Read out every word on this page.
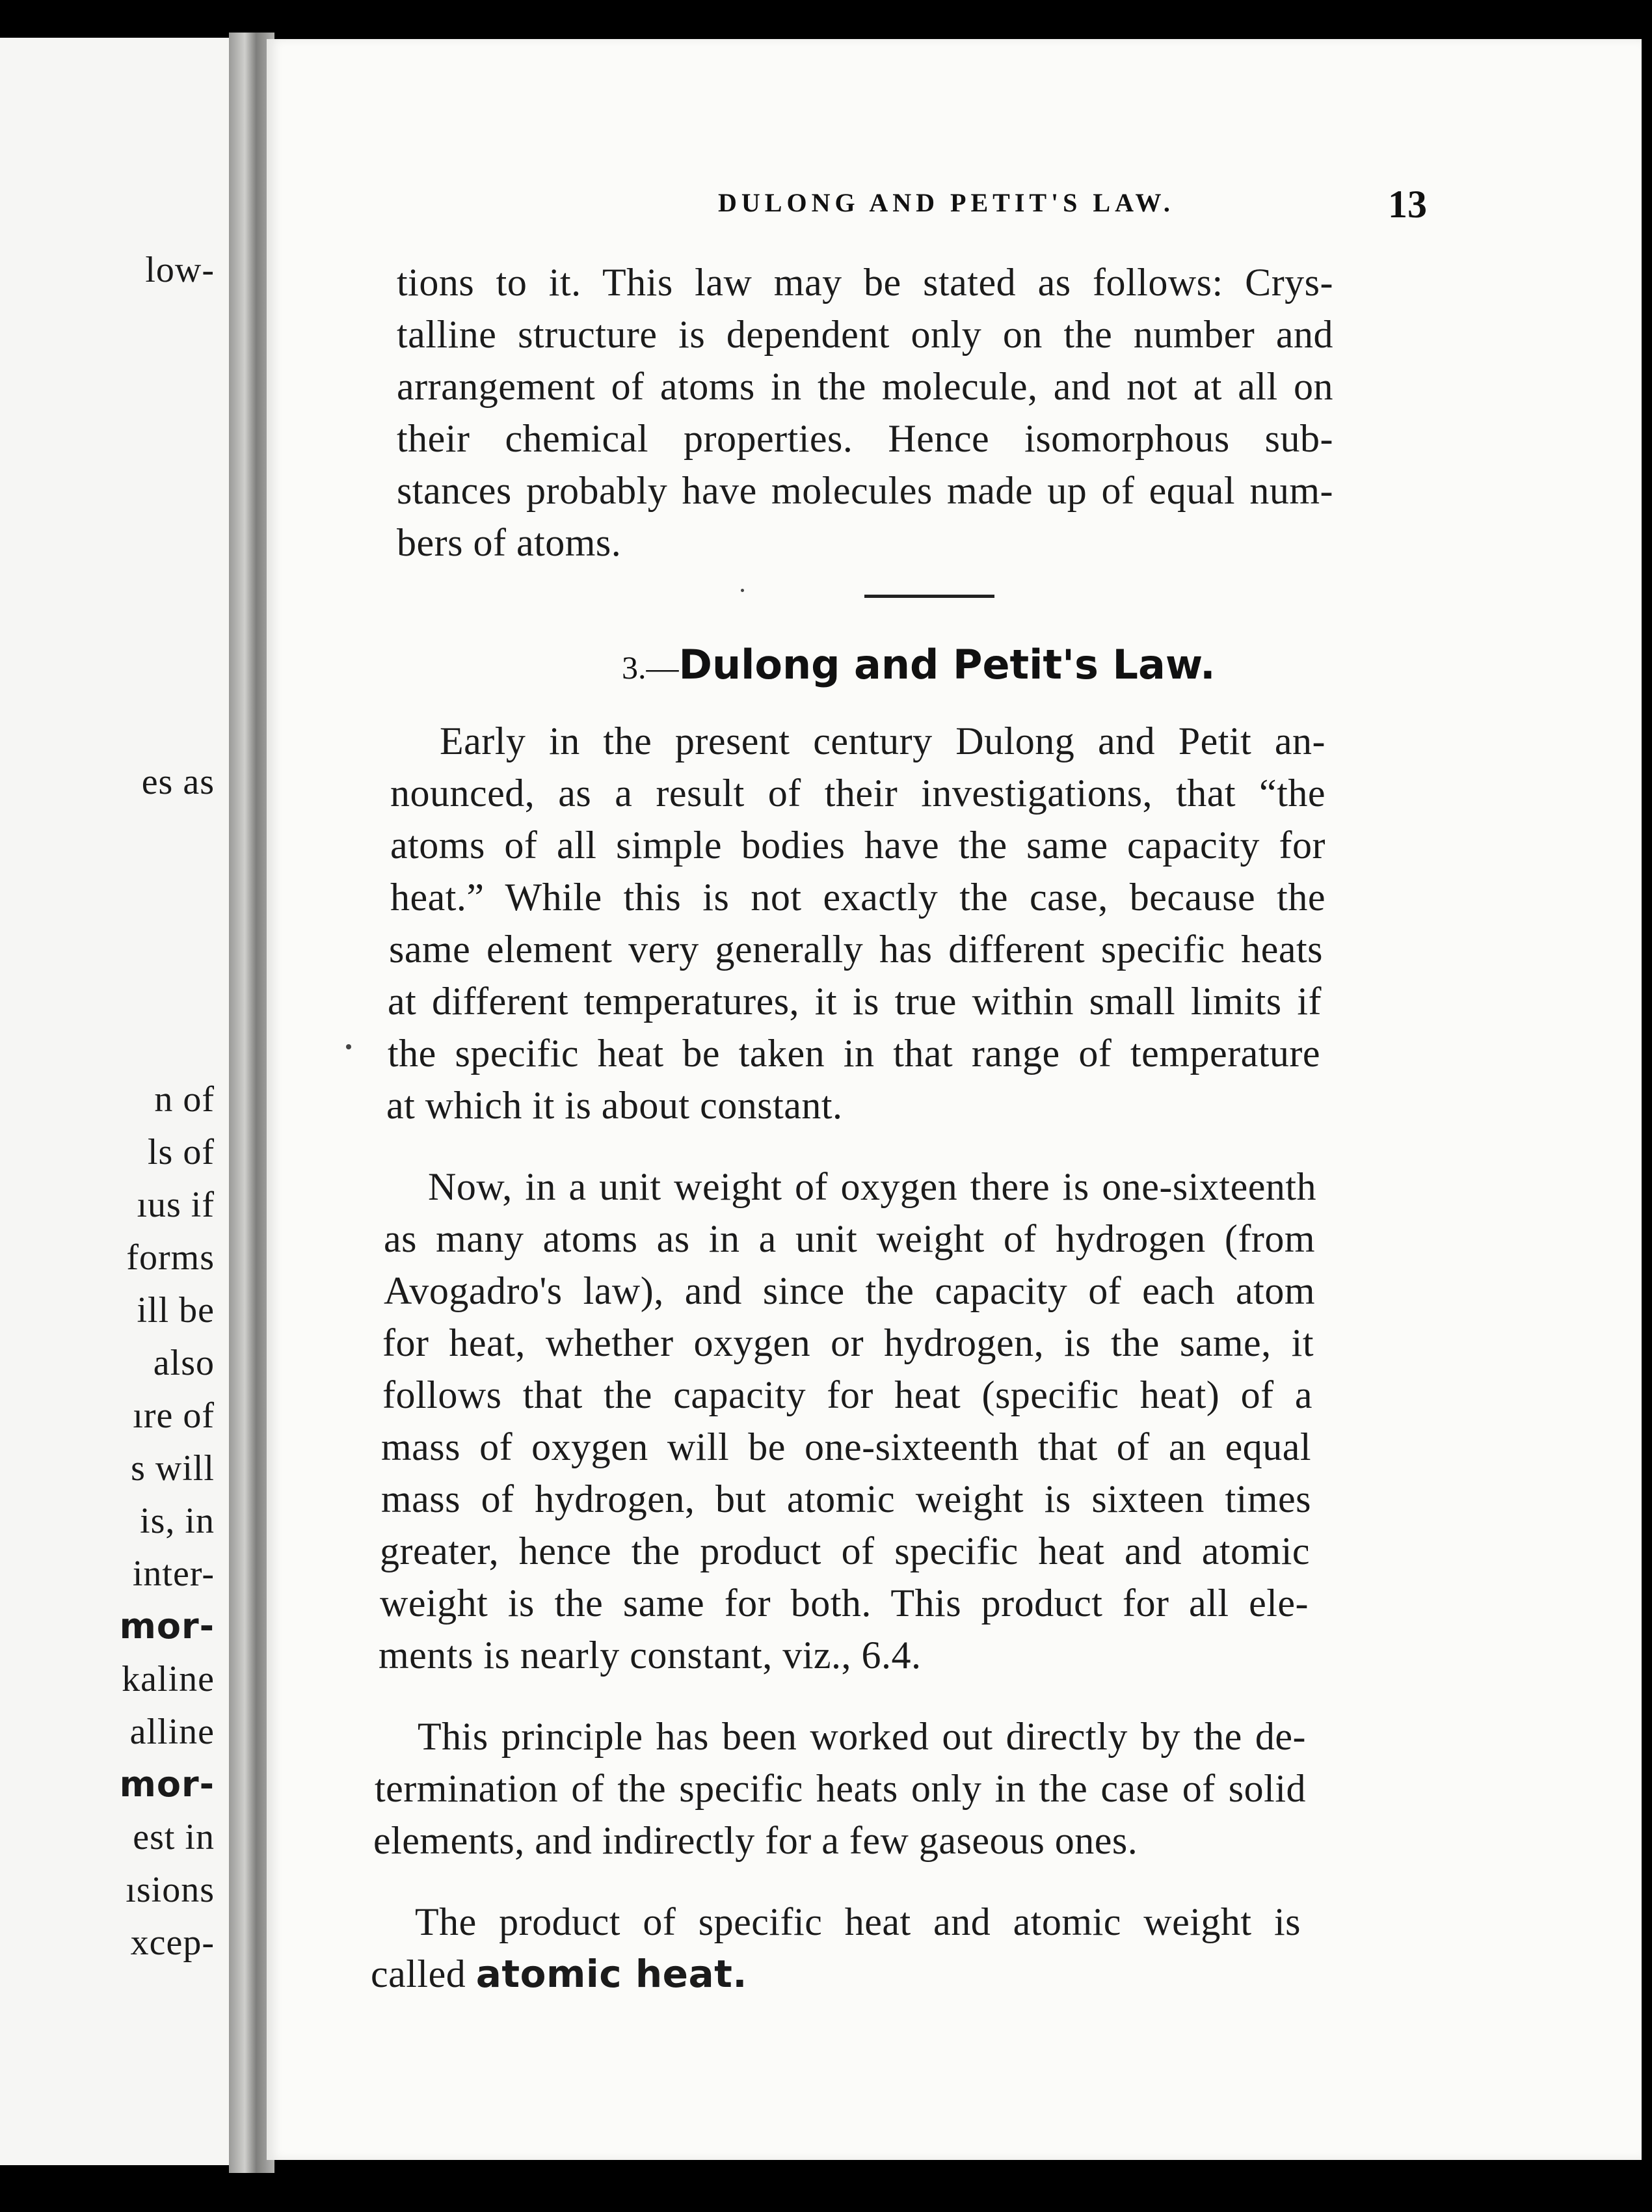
low-
es as
n of
ls of
ıus if
forms
ill be
also
ıre of
s will
is, in
inter-
mor-
kaline
alline
mor-
est in
ısions
xcep-
DULONG AND PETIT'S LAW.	13
tions to it. This law may be stated as follows: Crys-
talline structure is dependent only on the number and
arrangement of atoms in the molecule, and not at all on
their chemical properties. Hence isomorphous sub-
stances probably have molecules made up of equal num-
bers of atoms.
3.—Dulong and Petit's Law.
Early in the present century Dulong and Petit an-
nounced, as a result of their investigations, that “the
atoms of all simple bodies have the same capacity for
heat.” While this is not exactly the case, because the
same element very generally has different specific heats
at different temperatures, it is true within small limits if
the specific heat be taken in that range of temperature
at which it is about constant.
Now, in a unit weight of oxygen there is one-sixteenth
as many atoms as in a unit weight of hydrogen (from
Avogadro's law), and since the capacity of each atom
for heat, whether oxygen or hydrogen, is the same, it
follows that the capacity for heat (specific heat) of a
mass of oxygen will be one-sixteenth that of an equal
mass of hydrogen, but atomic weight is sixteen times
greater, hence the product of specific heat and atomic
weight is the same for both. This product for all ele-
ments is nearly constant, viz., 6.4.
This principle has been worked out directly by the de-
termination of the specific heats only in the case of solid
elements, and indirectly for a few gaseous ones.
The product of specific heat and atomic weight is
called atomic heat.
